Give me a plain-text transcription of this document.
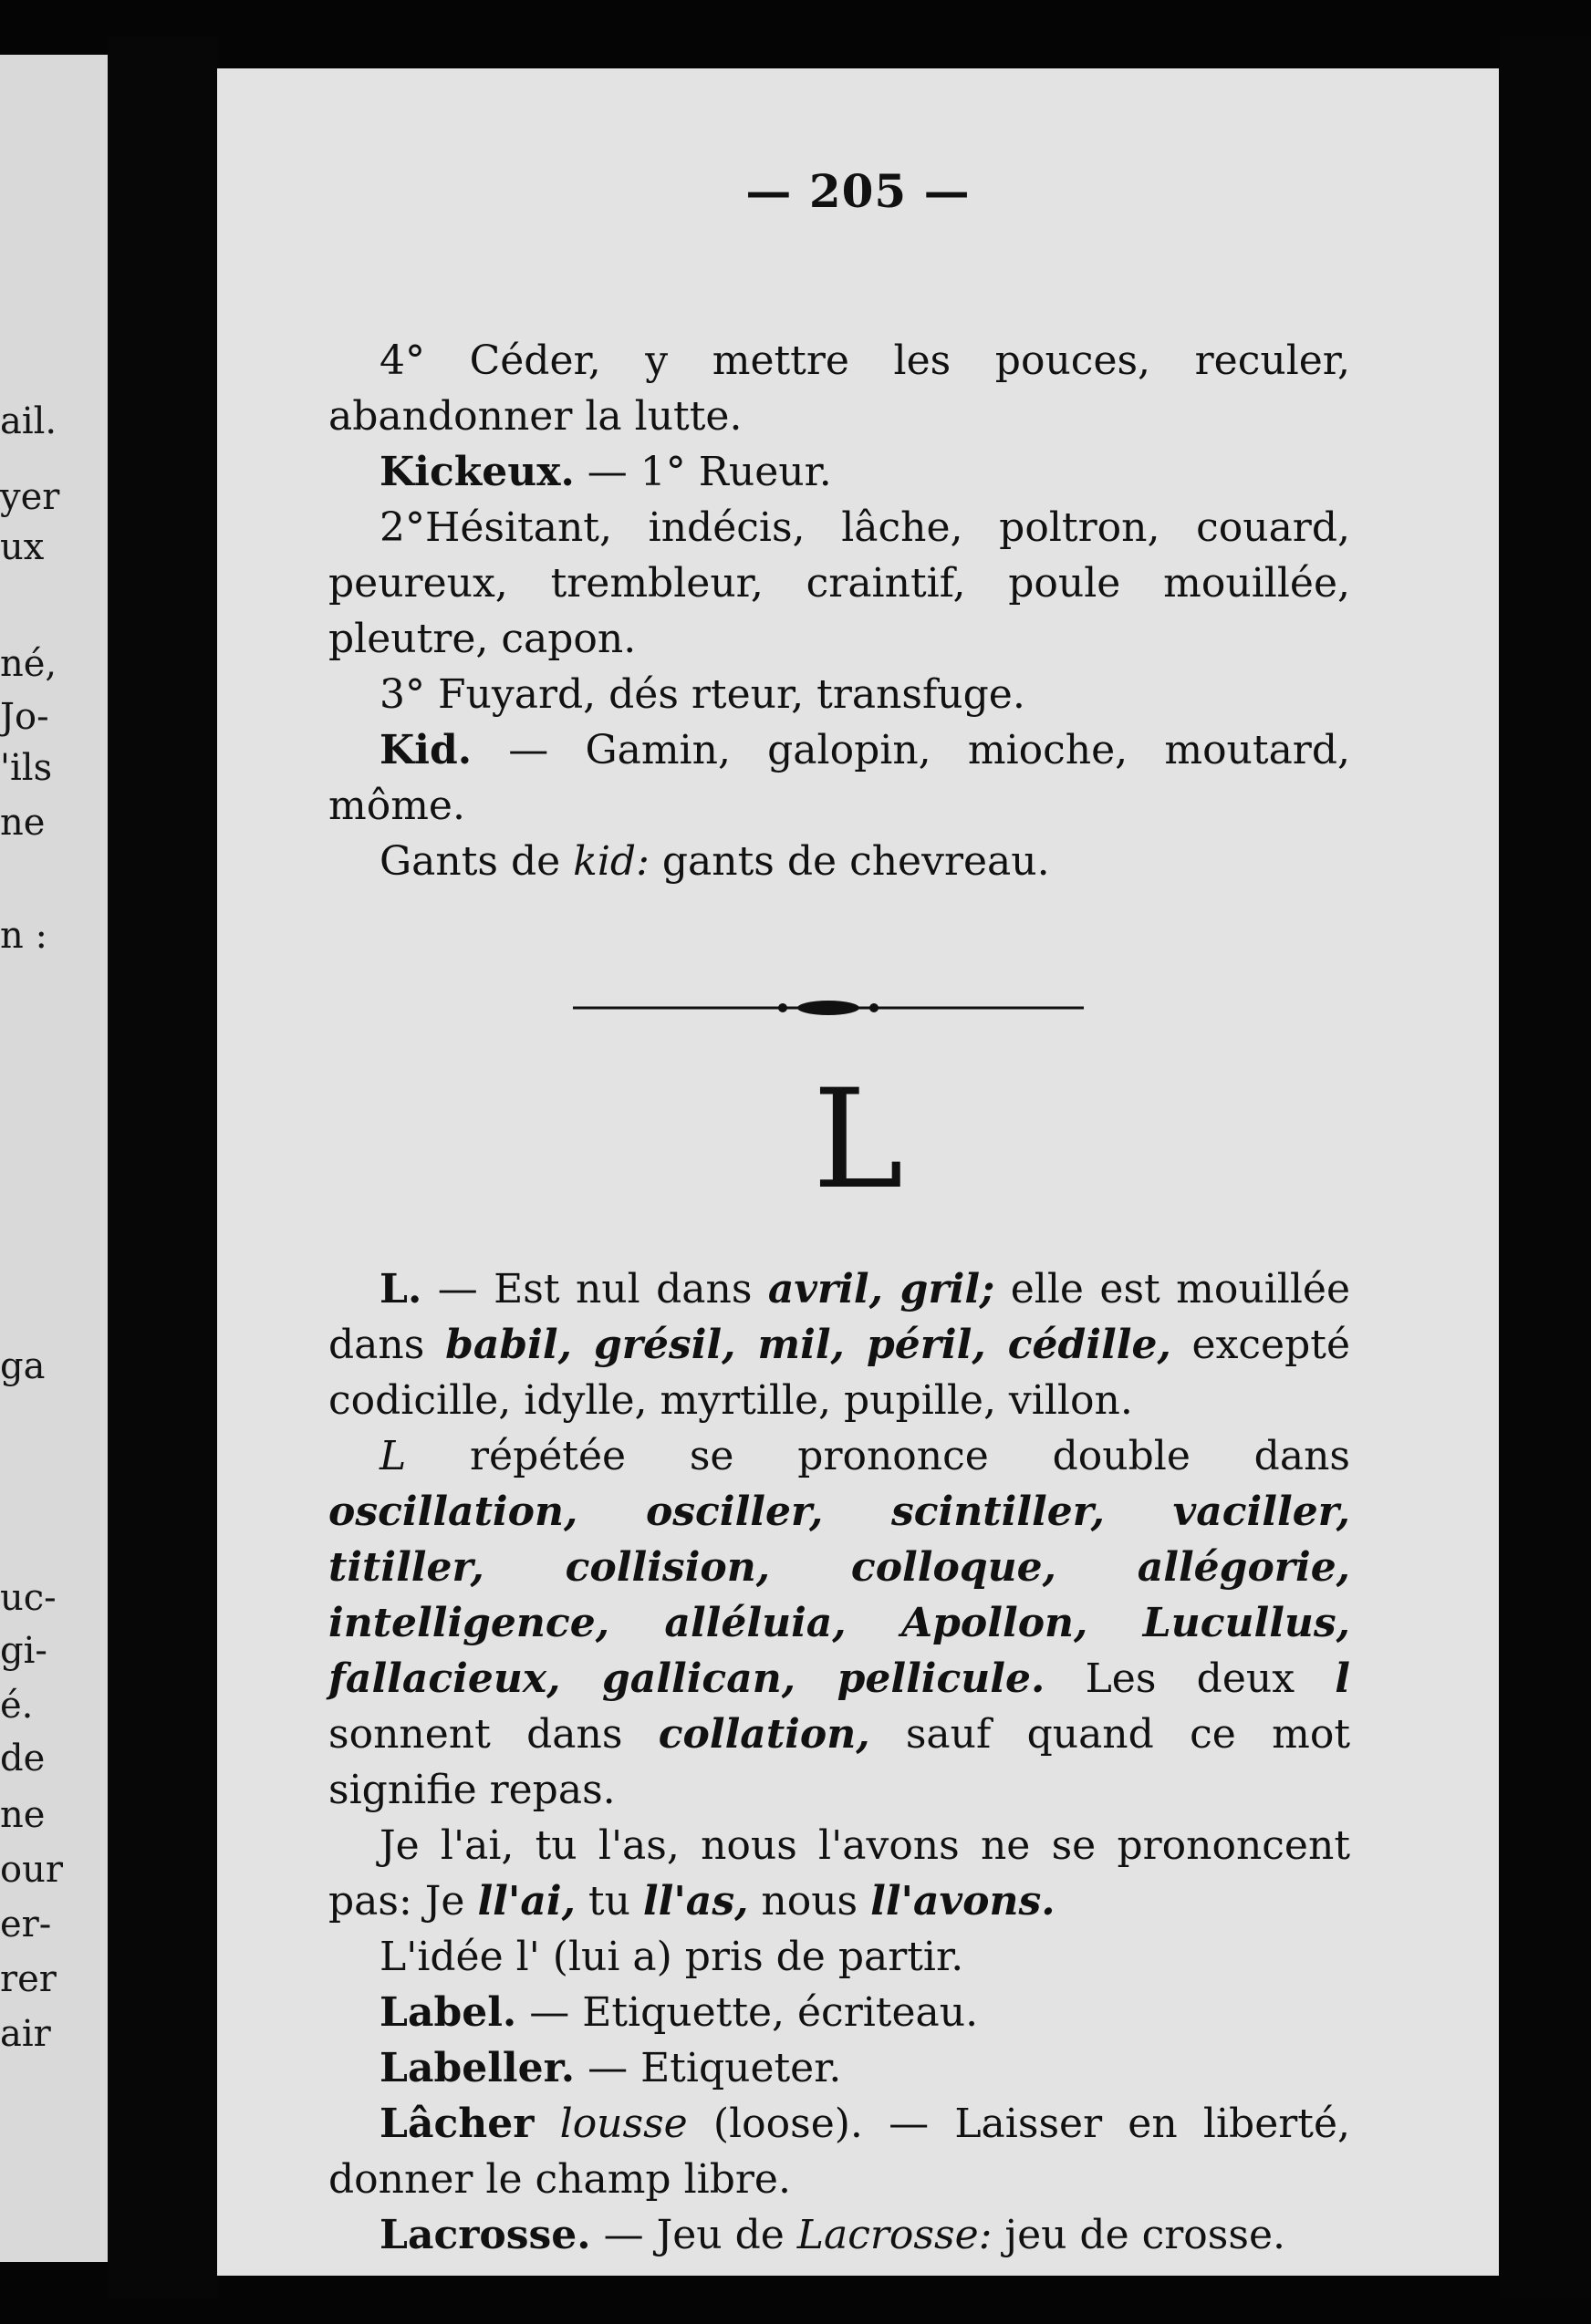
ail.
yer
ux
né,
Jo-
'ils
ne
n :
ga
uc-
gi-
é.
de
ne
our
er-
rer
air
— 205 —

4° Céder, y mettre les pouces, reculer, abandonner la lutte.

Kickeux. — 1° Rueur.

2°Hésitant, indécis, lâche, poltron, couard, peureux, trembleur, craintif, poule mouillée, pleutre, capon.

3° Fuyard, dés rteur, transfuge.

Kid. — Gamin, galopin, mioche, moutard, môme.

Gants de kid: gants de chevreau.

L

L. — Est nul dans avril, gril; elle est mouillée dans babil, grésil, mil, péril, cédille, excepté codicille, idylle, myrtille, pupille, villon.

L répétée se prononce double dans oscillation, osciller, scintiller, vaciller, titiller, collision, colloque, allégorie, intelligence, alléluia, Apollon, Lucullus, fallacieux, gallican, pellicule. Les deux l sonnent dans collation, sauf quand ce mot signifie repas.

Je l'ai, tu l'as, nous l'avons ne se prononcent pas: Je ll'ai, tu ll'as, nous ll'avons.

L'idée l' (lui a) pris de partir.

Label. — Etiquette, écriteau.

Labeller. — Etiqueter.

Lâcher lousse (loose). — Laisser en liberté, donner le champ libre.

Lacrosse. — Jeu de Lacrosse: jeu de crosse.
